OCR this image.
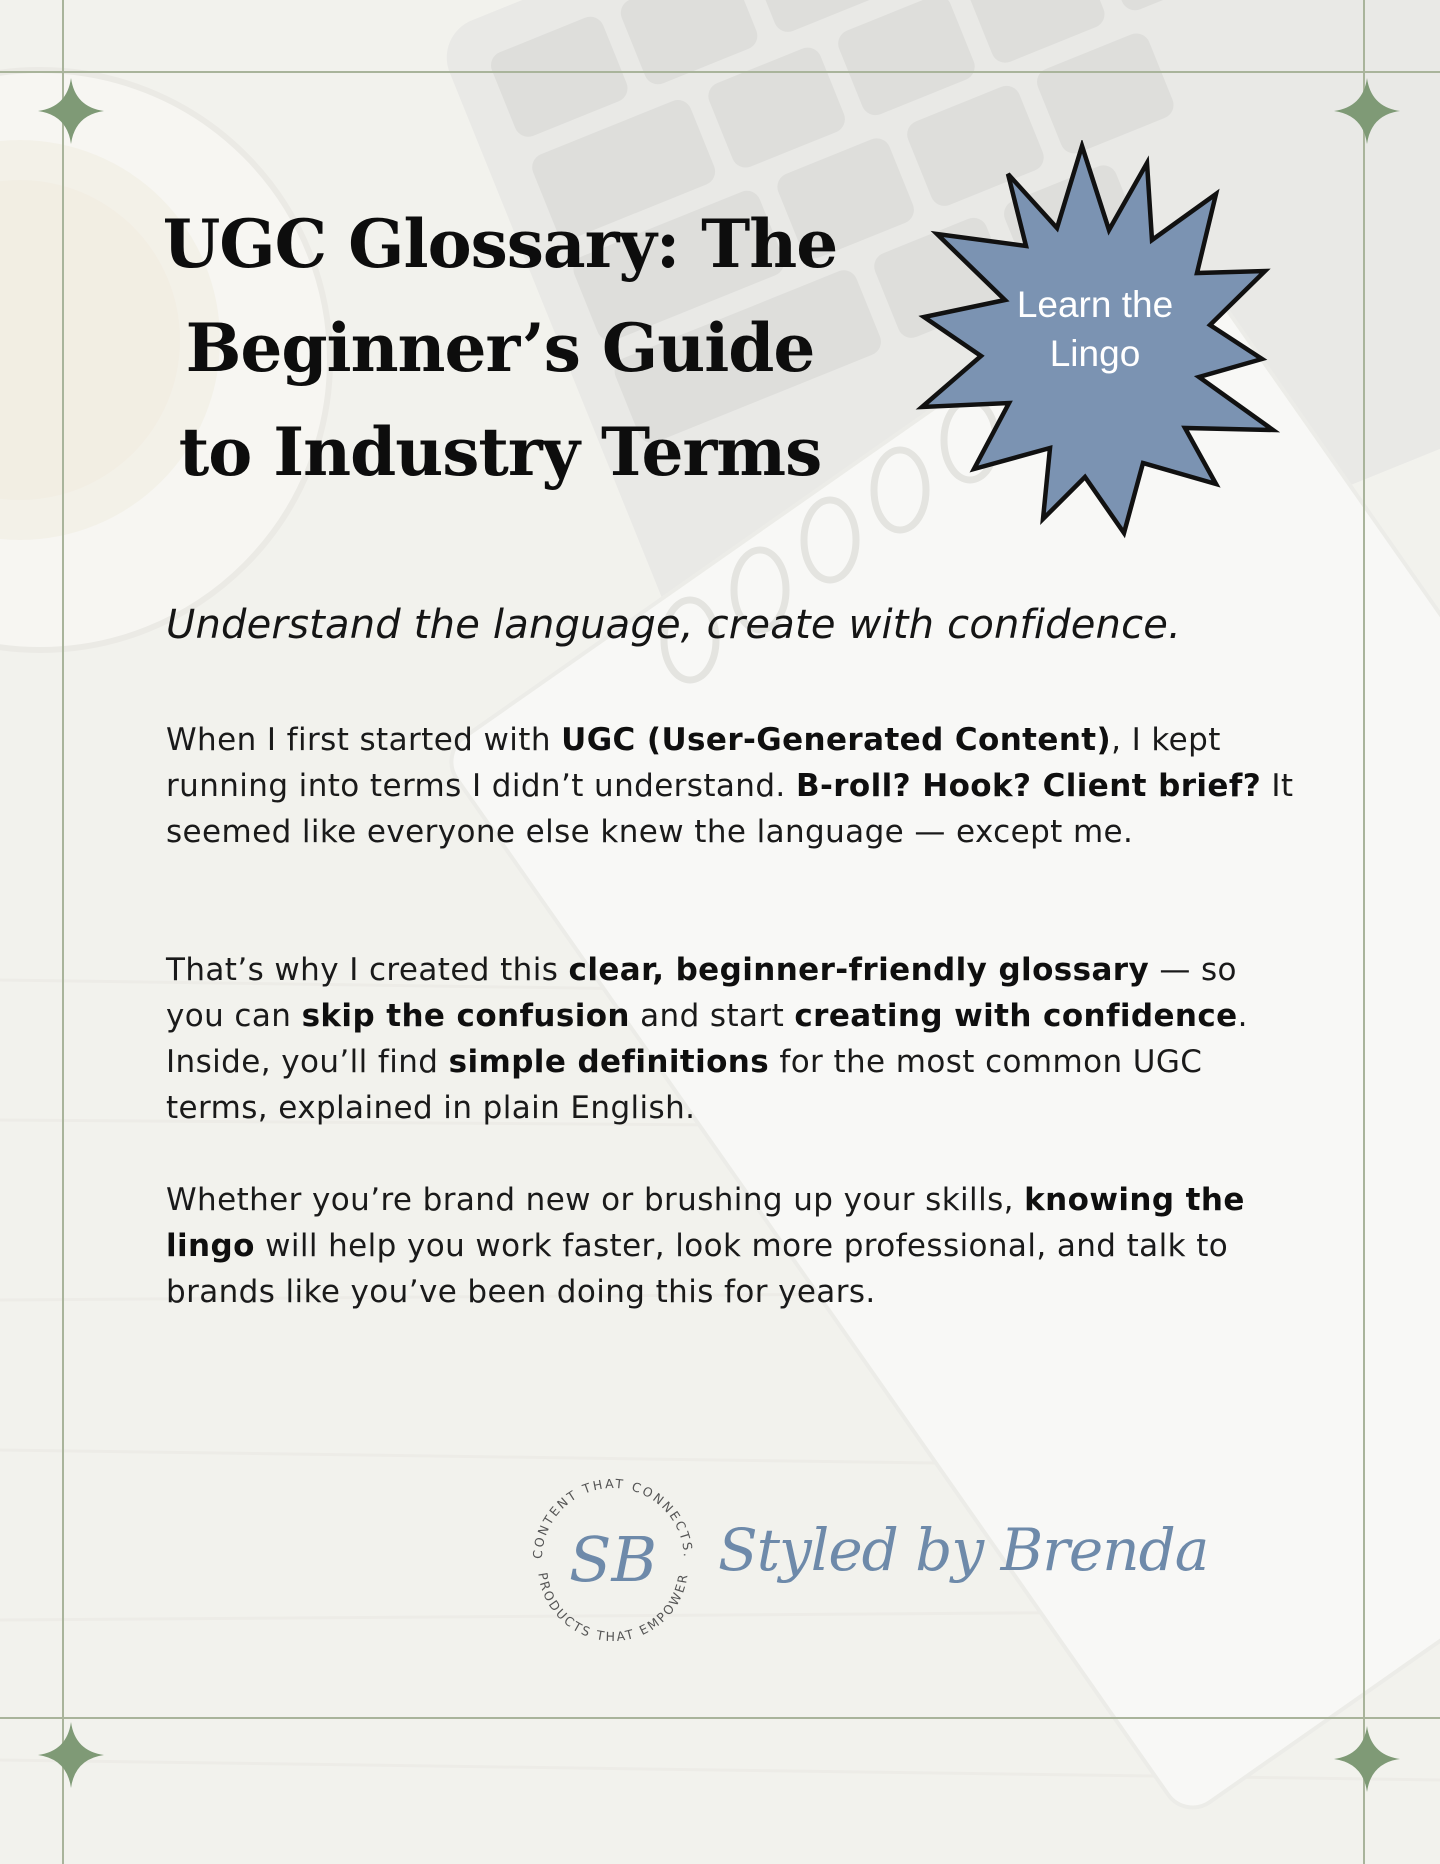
UGC Glossary: The
Beginner’s Guide
to Industry Terms

Learn the
Lingo

Understand the language, create with confidence.

When I first started with UGC (User-Generated Content), I kept running into terms I didn’t understand. B-roll? Hook? Client brief? It seemed like everyone else knew the language — except me.

That’s why I created this clear, beginner-friendly glossary — so you can skip the confusion and start creating with confidence. Inside, you’ll find simple definitions for the most common UGC terms, explained in plain English.

Whether you’re brand new or brushing up your skills, knowing the lingo will help you work faster, look more professional, and talk to brands like you’ve been doing this for years.

CONTENT THAT CONNECTS.
PRODUCTS THAT EMPOWER
SB Styled by Brenda
